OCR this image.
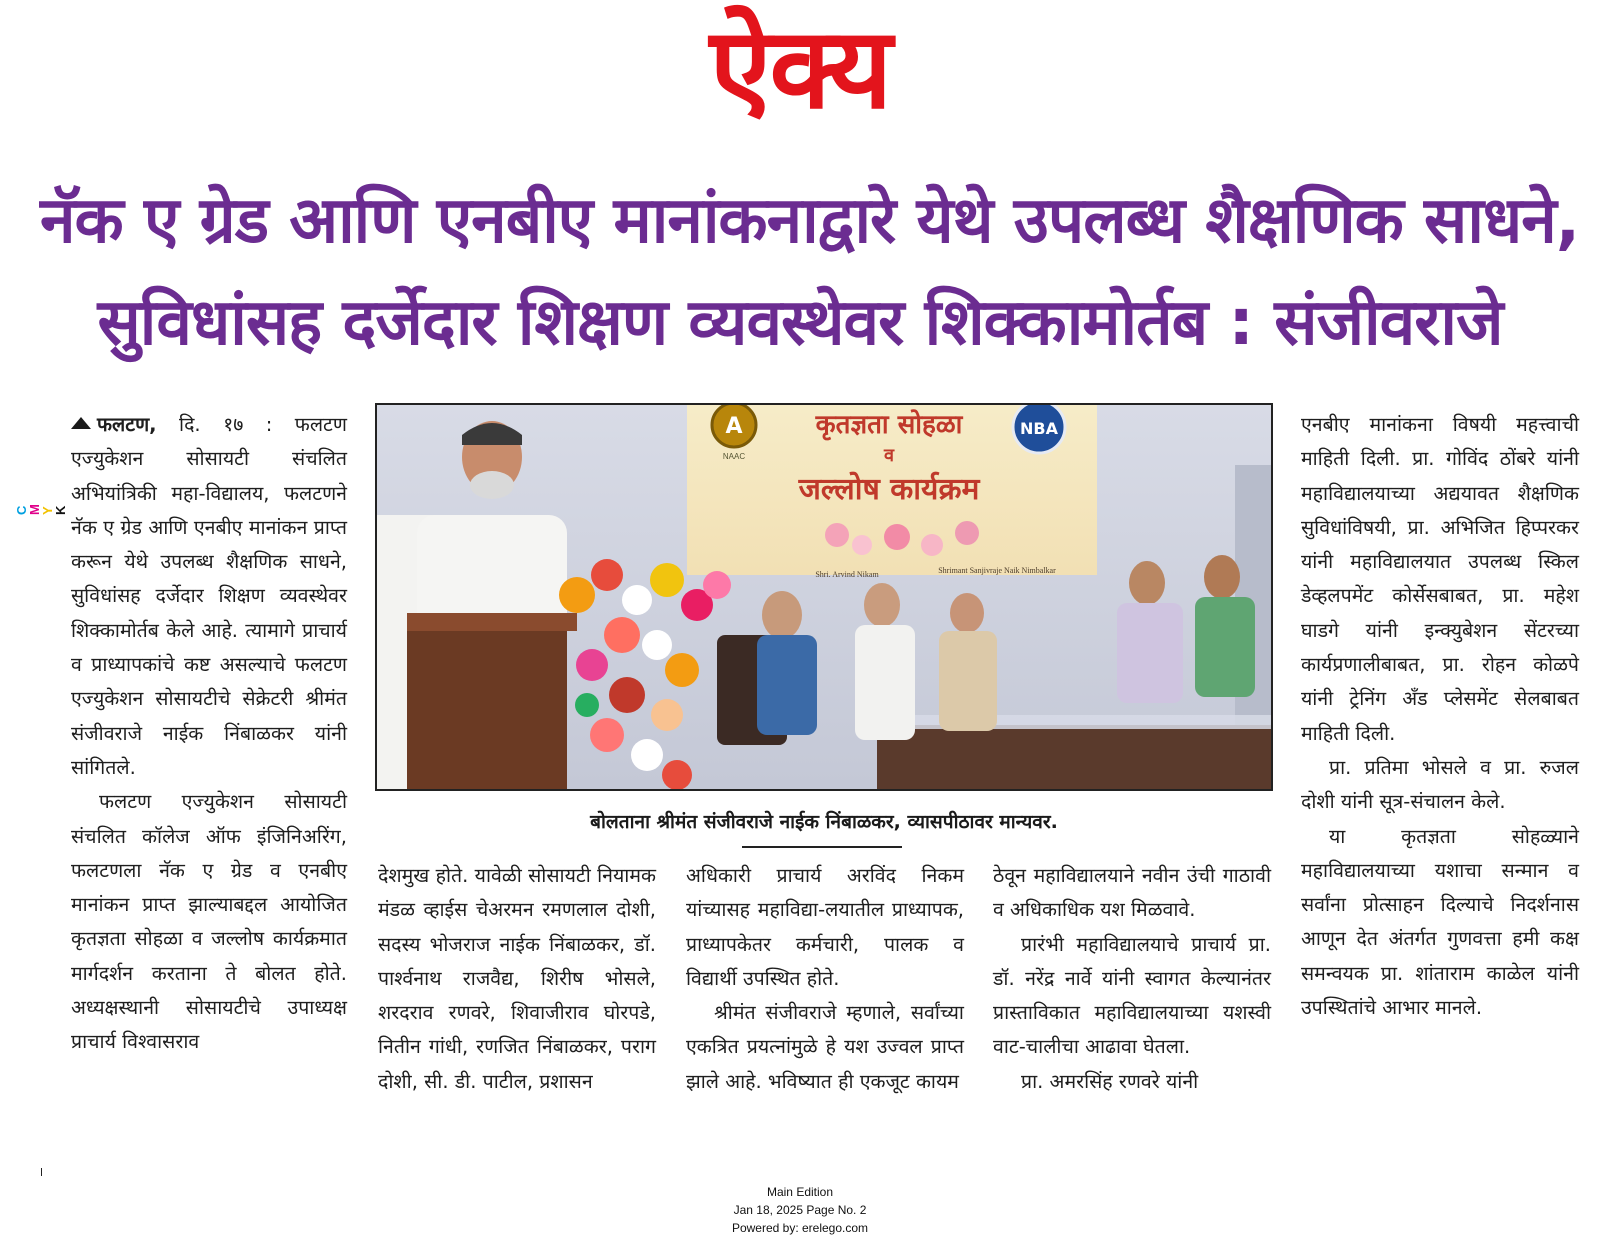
ऐक्य
CMYK
नॅक ए ग्रेड आणि एनबीए मानांकनाद्वारे येथे उपलब्ध शैक्षणिक साधने,
सुविधांसह दर्जेदार शिक्षण व्यवस्थेवर शिक्कामोर्तब : संजीवराजे

फलटण, दि. १७ : फलटण एज्युकेशन सोसायटी संचलित अभियांत्रिकी महा-विद्यालय, फलटणने नॅक ए ग्रेड आणि एनबीए मानांकन प्राप्त करून येथे उपलब्ध शैक्षणिक साधने, सुविधांसह दर्जेदार शिक्षण व्यवस्थेवर शिक्कामोर्तब केले आहे. त्यामागे प्राचार्य व प्राध्यापकांचे कष्ट असल्याचे फलटण एज्युकेशन सोसायटीचे सेक्रेटरी श्रीमंत संजीवराजे नाईक निंबाळकर यांनी सांगितले.

फलटण एज्युकेशन सोसायटी संचलित कॉलेज ऑफ इंजिनिअरिंग, फलटणला नॅक ए ग्रेड व एनबीए मानांकन प्राप्त झाल्याबद्दल आयोजित कृतज्ञता सोहळा व जल्लोष कार्यक्रमात मार्गदर्शन करताना ते बोलत होते. अध्यक्षस्थानी सोसायटीचे उपाध्यक्ष प्राचार्य विश्वासराव

A
NAAC
NBA
कृतज्ञता सोहळा
व
जल्लोष कार्यक्रम
Shri. Arvind Nikam	Shrimant Sanjivraje Naik Nimbalkar
बोलताना श्रीमंत संजीवराजे नाईक निंबाळकर, व्यासपीठावर मान्यवर.

देशमुख होते. यावेळी सोसायटी नियामक मंडळ व्हाईस चेअरमन रमणलाल दोशी, सदस्य भोजराज नाईक निंबाळकर, डॉ. पार्श्वनाथ राजवैद्य, शिरीष भोसले, शरदराव रणवरे, शिवाजीराव घोरपडे, नितीन गांधी, रणजित निंबाळकर, पराग दोशी, सी. डी. पाटील, प्रशासन

अधिकारी प्राचार्य अरविंद निकम यांच्यासह महाविद्या-लयातील प्राध्यापक, प्राध्यापकेतर कर्मचारी, पालक व विद्यार्थी उपस्थित होते.

श्रीमंत संजीवराजे म्हणाले, सर्वांच्या एकत्रित प्रयत्नांमुळे हे यश उज्वल प्राप्त झाले आहे. भविष्यात ही एकजूट कायम

ठेवून महाविद्यालयाने नवीन उंची गाठावी व अधिकाधिक यश मिळवावे.

प्रारंभी महाविद्यालयाचे प्राचार्य प्रा. डॉ. नरेंद्र नार्वे यांनी स्वागत केल्यानंतर प्रास्ताविकात महाविद्यालयाच्या यशस्वी वाट-चालीचा आढावा घेतला.

प्रा. अमरसिंह रणवरे यांनी

एनबीए मानांकना विषयी महत्त्वाची माहिती दिली. प्रा. गोविंद ठोंबरे यांनी महाविद्यालयाच्या अद्ययावत शैक्षणिक सुविधांविषयी, प्रा. अभिजित हिप्परकर यांनी महाविद्यालयात उपलब्ध स्किल डेव्हलपमेंट कोर्सेसबाबत, प्रा. महेश घाडगे यांनी इन्क्युबेशन सेंटरच्या कार्यप्रणालीबाबत, प्रा. रोहन कोळपे यांनी ट्रेनिंग अँड प्लेसमेंट सेलबाबत माहिती दिली.

प्रा. प्रतिमा भोसले व प्रा. रुजल दोशी यांनी सूत्र-संचालन केले.

या कृतज्ञता सोहळ्याने महाविद्यालयाच्या यशाचा सन्मान व सर्वांना प्रोत्साहन दिल्याचे निदर्शनास आणून देत अंतर्गत गुणवत्ता हमी कक्ष समन्वयक प्रा. शांताराम काळेल यांनी उपस्थितांचे आभार मानले.

Main Edition
Jan 18, 2025 Page No. 2
Powered by: erelego.com
